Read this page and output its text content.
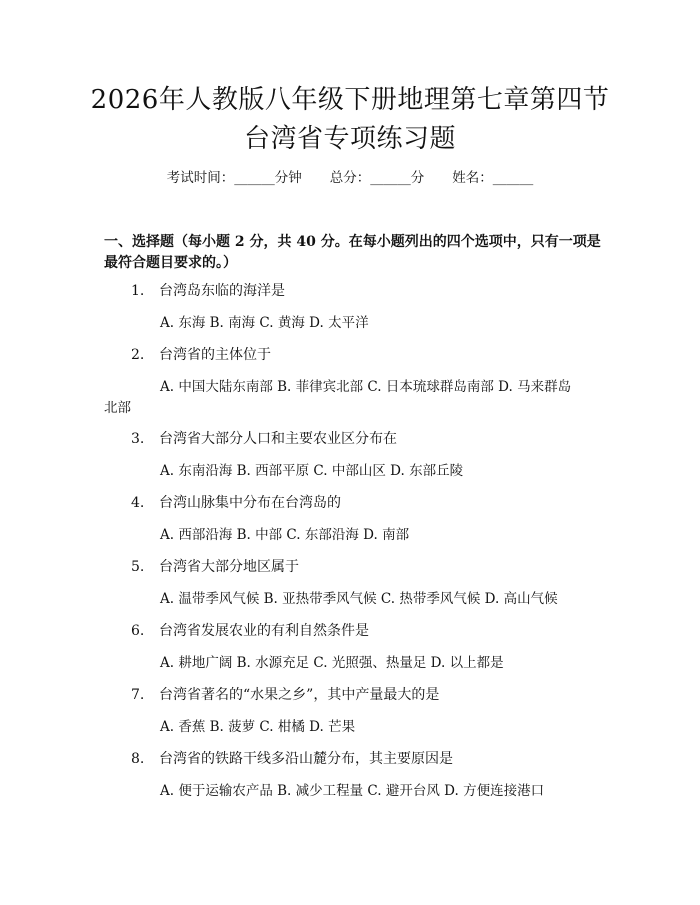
2026年人教版八年级下册地理第七章第四节
台湾省专项练习题
考试时间：______分钟 总分：______分 姓名：______
一、选择题（每小题 2 分，共 40 分。在每小题列出的四个选项中，只有一项是最符合题目要求的。）
1. 台湾岛东临的海洋是
A. 东海 B. 南海 C. 黄海 D. 太平洋
2. 台湾省的主体位于
A. 中国大陆东南部 B. 菲律宾北部 C. 日本琉球群岛南部 D. 马来群岛
北部
3. 台湾省大部分人口和主要农业区分布在
A. 东南沿海 B. 西部平原 C. 中部山区 D. 东部丘陵
4. 台湾山脉集中分布在台湾岛的
A. 西部沿海 B. 中部 C. 东部沿海 D. 南部
5. 台湾省大部分地区属于
A. 温带季风气候 B. 亚热带季风气候 C. 热带季风气候 D. 高山气候
6. 台湾省发展农业的有利自然条件是
A. 耕地广阔 B. 水源充足 C. 光照强、热量足 D. 以上都是
7. 台湾省著名的“水果之乡”，其中产量最大的是
A. 香蕉 B. 菠萝 C. 柑橘 D. 芒果
8. 台湾省的铁路干线多沿山麓分布，其主要原因是
A. 便于运输农产品 B. 减少工程量 C. 避开台风 D. 方便连接港口
